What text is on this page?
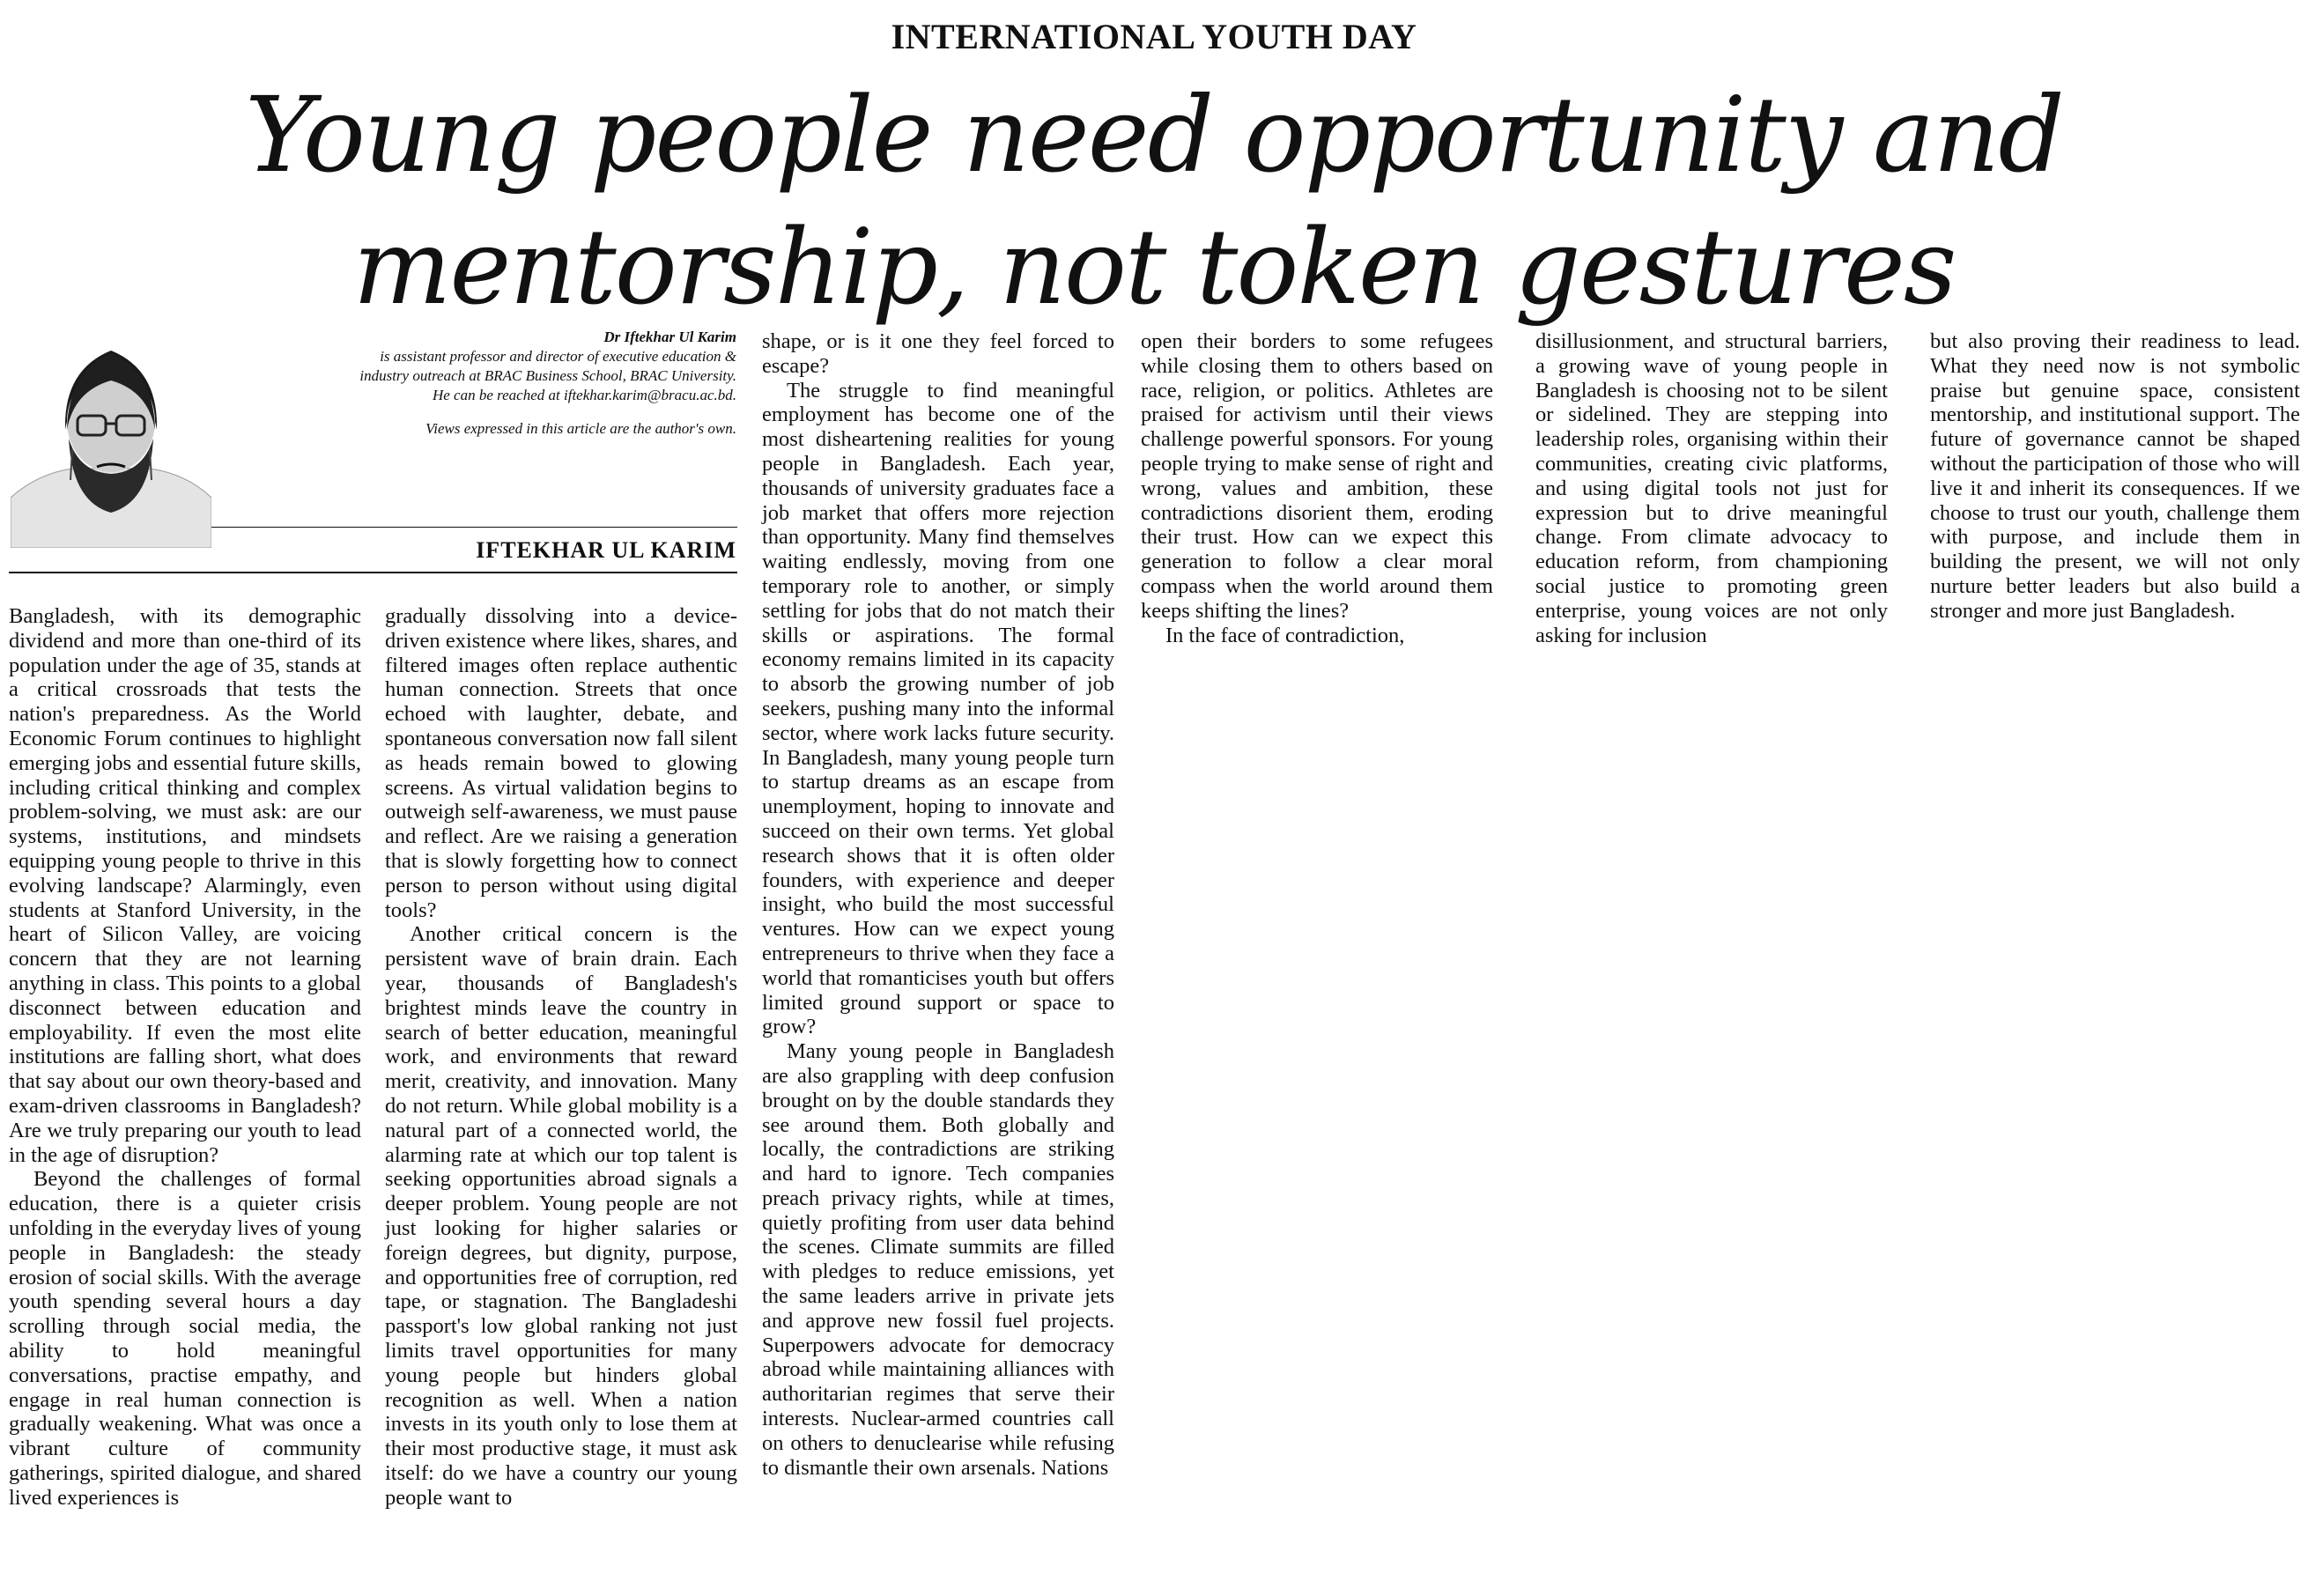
INTERNATIONAL YOUTH DAY
Young people need opportunity and
mentorship, not token gestures
Dr Iftekhar Ul Karim
is assistant professor and director of executive education &
industry outreach at BRAC Business School, BRAC University.
He can be reached at iftekhar.karim@bracu.ac.bd.
Views expressed in this article are the author's own.
IFTEKHAR UL KARIM

Bangladesh, with its demographic dividend and more than one-third of its population under the age of 35, stands at a critical crossroads that tests the nation's preparedness. As the World Economic Forum continues to highlight emerging jobs and essential future skills, including critical thinking and complex problem-solving, we must ask: are our systems, institutions, and mindsets equipping young people to thrive in this evolving landscape? Alarmingly, even students at Stanford University, in the heart of Silicon Valley, are voicing concern that they are not learning anything in class. This points to a global disconnect between education and employability. If even the most elite institutions are falling short, what does that say about our own theory-based and exam-driven classrooms in Bangladesh? Are we truly preparing our youth to lead in the age of disruption?

Beyond the challenges of formal education, there is a quieter crisis unfolding in the everyday lives of young people in Bangladesh: the steady erosion of social skills. With the average youth spending several hours a day scrolling through social media, the ability to hold meaningful conversations, practise empathy, and engage in real human connection is gradually weakening. What was once a vibrant culture of community gatherings, spirited dialogue, and shared lived experiences is

gradually dissolving into a device-driven existence where likes, shares, and filtered images often replace authentic human connection. Streets that once echoed with laughter, debate, and spontaneous conversation now fall silent as heads remain bowed to glowing screens. As virtual validation begins to outweigh self-awareness, we must pause and reflect. Are we raising a generation that is slowly forgetting how to connect person to person without using digital tools?

Another critical concern is the persistent wave of brain drain. Each year, thousands of Bangladesh's brightest minds leave the country in search of better education, meaningful work, and environments that reward merit, creativity, and innovation. Many do not return. While global mobility is a natural part of a connected world, the alarming rate at which our top talent is seeking opportunities abroad signals a deeper problem. Young people are not just looking for higher salaries or foreign degrees, but dignity, purpose, and opportunities free of corruption, red tape, or stagnation. The Bangladeshi passport's low global ranking not just limits travel opportunities for many young people but hinders global recognition as well. When a nation invests in its youth only to lose them at their most productive stage, it must ask itself: do we have a country our young people want to

shape, or is it one they feel forced to escape?

The struggle to find meaningful employment has become one of the most disheartening realities for young people in Bangladesh. Each year, thousands of university graduates face a job market that offers more rejection than opportunity. Many find themselves waiting endlessly, moving from one temporary role to another, or simply settling for jobs that do not match their skills or aspirations. The formal economy remains limited in its capacity to absorb the growing number of job seekers, pushing many into the informal sector, where work lacks future security. In Bangladesh, many young people turn to startup dreams as an escape from unemployment, hoping to innovate and succeed on their own terms. Yet global research shows that it is often older founders, with experience and deeper insight, who build the most successful ventures. How can we expect young entrepreneurs to thrive when they face a world that romanticises youth but offers limited ground support or space to grow?

Many young people in Bangladesh are also grappling with deep confusion brought on by the double standards they see around them. Both globally and locally, the contradictions are striking and hard to ignore. Tech companies preach privacy rights, while at times, quietly profiting from user data behind the scenes. Climate summits are filled with pledges to reduce emissions, yet the same leaders arrive in private jets and approve new fossil fuel projects. Superpowers advocate for democracy abroad while maintaining alliances with authoritarian regimes that serve their interests. Nuclear-armed countries call on others to denuclearise while refusing to dismantle their own arsenals. Nations

open their borders to some refugees while closing them to others based on race, religion, or politics. Athletes are praised for activism until their views challenge powerful sponsors. For young people trying to make sense of right and wrong, values and ambition, these contradictions disorient them, eroding their trust. How can we expect this generation to follow a clear moral compass when the world around them keeps shifting the lines?

In the face of contradiction,

disillusionment, and structural barriers, a growing wave of young people in Bangladesh is choosing not to be silent or sidelined. They are stepping into leadership roles, organising within their communities, creating civic platforms, and using digital tools not just for expression but to drive meaningful change. From climate advocacy to education reform, from championing social justice to promoting green enterprise, young voices are not only asking for inclusion

but also proving their readiness to lead. What they need now is not symbolic praise but genuine space, consistent mentorship, and institutional support. The future of governance cannot be shaped without the participation of those who will live it and inherit its consequences. If we choose to trust our youth, challenge them with purpose, and include them in building the present, we will not only nurture better leaders but also build a stronger and more just Bangladesh.
